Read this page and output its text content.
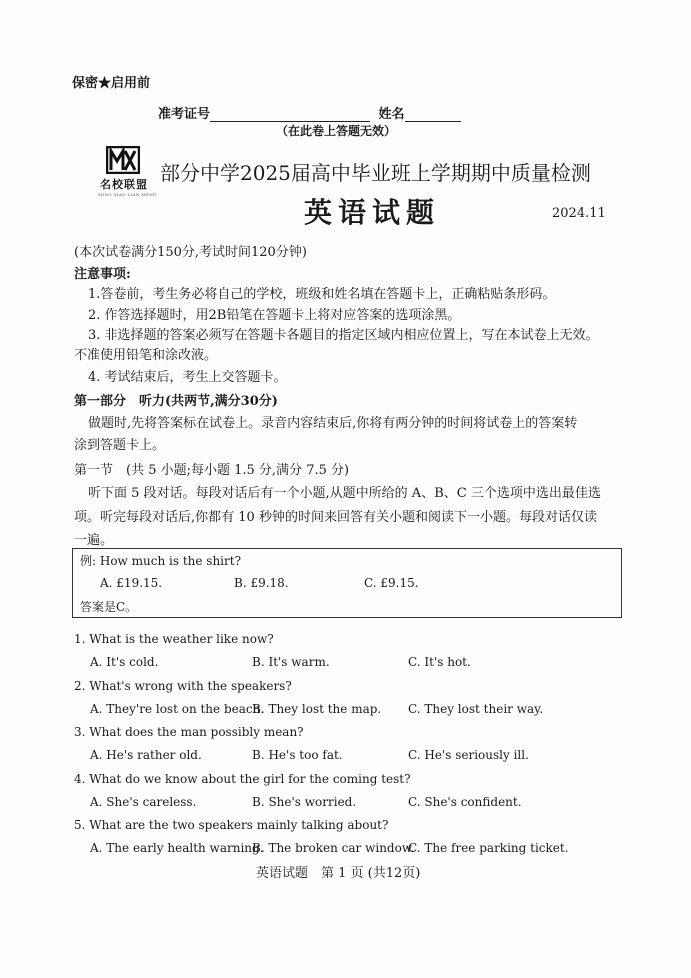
保密★启用前
准考证号	姓名
（在此卷上答题无效）
名校联盟
MING XIAO LIAN MENG
部分中学2025届高中毕业班上学期期中质量检测
英语试题	2024.11
(本次试卷满分150分,考试时间120分钟)
注意事项:
1.答卷前，考生务必将自己的学校，班级和姓名填在答题卡上，正确粘贴条形码。
2. 作答选择题时，用2B铅笔在答题卡上将对应答案的选项涂黑。
3. 非选择题的答案必须写在答题卡各题目的指定区域内相应位置上，写在本试卷上无效。
不准使用铅笔和涂改液。
4. 考试结束后，考生上交答题卡。
第一部分　听力(共两节,满分30分)
做题时,先将答案标在试卷上。录音内容结束后,你将有两分钟的时间将试卷上的答案转
涂到答题卡上。
第一节　(共 5 小题;每小题 1.5 分,满分 7.5 分)
听下面 5 段对话。每段对话后有一个小题,从题中所给的 A、B、C 三个选项中选出最佳选
项。听完每段对话后,你都有 10 秒钟的时间来回答有关小题和阅读下一小题。每段对话仅读
一遍。
例: How much is the shirt?
A. £19.15.	B. £9.18.	C. £9.15.
答案是C。
1. What is the weather like now?
A. It's cold.	B. It's warm.	C. It's hot.
2. What's wrong with the speakers?
A. They're lost on the beach.
B. They lost the map. C. They lost their way.
3. What does the man possibly mean?
A. He's rather old.	B. He's too fat.	C. He's seriously ill.
4. What do we know about the girl for the coming test?
A. She's careless.	B. She's worried.	C. She's confident.
5. What are the two speakers mainly talking about?
A. The early health warning.
B. The broken car window.
C. The free parking ticket.
英语试题　第 1 页 (共12页)
